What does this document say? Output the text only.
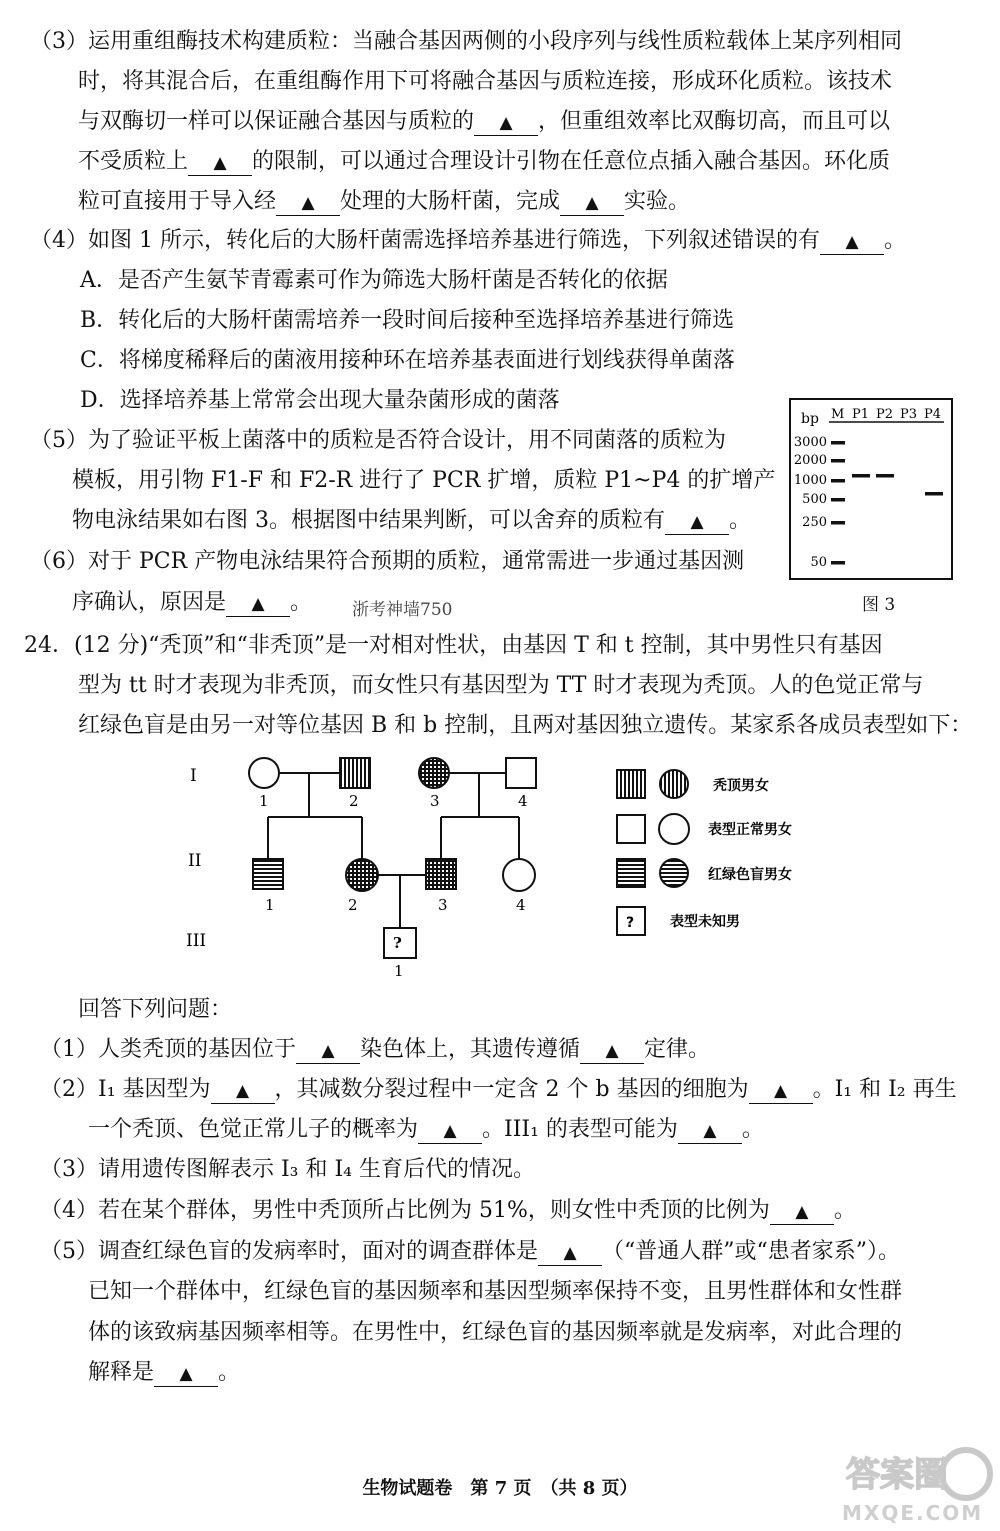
（3）运用重组酶技术构建质粒：当融合基因两侧的小段序列与线性质粒载体上某序列相同
时，将其混合后，在重组酶作用下可将融合基因与质粒连接，形成环化质粒。该技术
与双酶切一样可以保证融合基因与质粒的 ▲ ，但重组效率比双酶切高，而且可以
不受质粒上 ▲ 的限制，可以通过合理设计引物在任意位点插入融合基因。环化质
粒可直接用于导入经 ▲ 处理的大肠杆菌，完成 ▲ 实验。
（4）如图 1 所示，转化后的大肠杆菌需选择培养基进行筛选，下列叙述错误的有 ▲ 。
A．是否产生氨苄青霉素可作为筛选大肠杆菌是否转化的依据
B．转化后的大肠杆菌需培养一段时间后接种至选择培养基进行筛选
C．将梯度稀释后的菌液用接种环在培养基表面进行划线获得单菌落
D．选择培养基上常常会出现大量杂菌形成的菌落
（5）为了验证平板上菌落中的质粒是否符合设计，用不同菌落的质粒为
模板，用引物 F1-F 和 F2-R 进行了 PCR 扩增，质粒 P1~P4 的扩增产
物电泳结果如右图 3。根据图中结果判断，可以舍弃的质粒有 ▲ 。
（6）对于 PCR 产物电泳结果符合预期的质粒，通常需进一步通过基因测
序确认，原因是 ▲ 。 浙考神墙750
bp M P1 P2 P3 P4
3000
2000
1000
500
250
50
图 3
24．(12 分)“秃顶”和“非秃顶”是一对相对性状，由基因 T 和 t 控制，其中男性只有基因
型为 tt 时才表现为非秃顶，而女性只有基因型为 TT 时才表现为秃顶。人的色觉正常与
红绿色盲是由另一对等位基因 B 和 b 控制，且两对基因独立遗传。某家系各成员表型如下：
I
II
III	?
1	2	3	4
1	2	3	4
1
?
秃顶男女
表型正常男女
红绿色盲男女
表型未知男
回答下列问题：
（1）人类秃顶的基因位于 ▲ 染色体上，其遗传遵循 ▲ 定律。
（2）I₁ 基因型为 ▲ ，其减数分裂过程中一定含 2 个 b 基因的细胞为 ▲ 。I₁ 和 I₂ 再生
一个秃顶、色觉正常儿子的概率为 ▲ 。III₁ 的表型可能为 ▲ 。
（3）请用遗传图解表示 I₃ 和 I₄ 生育后代的情况。
（4）若在某个群体，男性中秃顶所占比例为 51%，则女性中秃顶的比例为 ▲ 。
（5）调查红绿色盲的发病率时，面对的调查群体是 ▲ （“普通人群”或“患者家系”）。
已知一个群体中，红绿色盲的基因频率和基因型频率保持不变，且男性群体和女性群
体的该致病基因频率相等。在男性中，红绿色盲的基因频率就是发病率，对此合理的
解释是 ▲ 。
生物试题卷　第 7 页　（共 8 页）	答案圈
MXQE.COM
